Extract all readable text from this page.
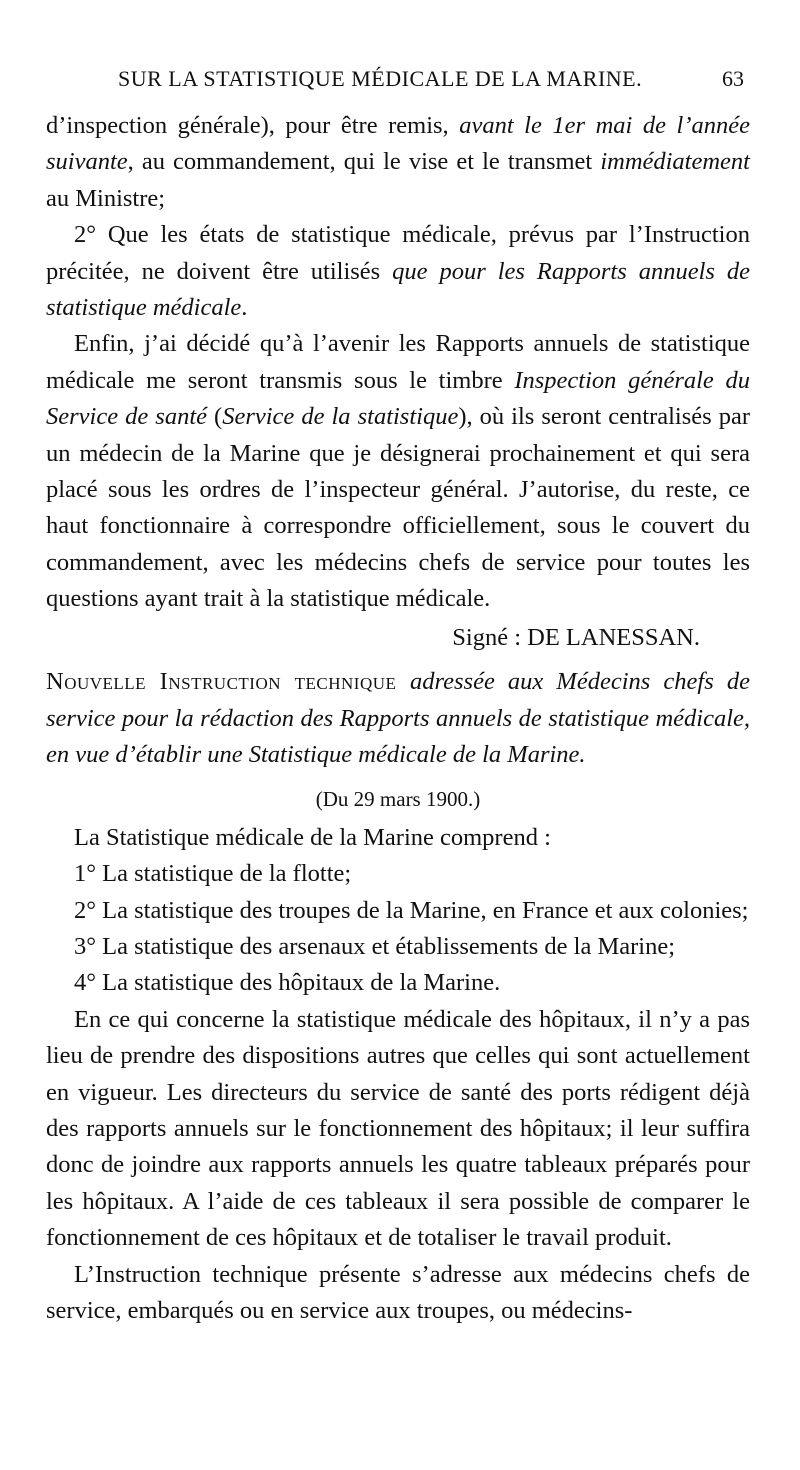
SUR LA STATISTIQUE MÉDICALE DE LA MARINE.	63

d’inspection générale), pour être remis, avant le 1er mai de l’année suivante, au commandement, qui le vise et le transmet immédiatement au Ministre;

2° Que les états de statistique médicale, prévus par l’Instruction précitée, ne doivent être utilisés que pour les Rapports annuels de statistique médicale.

Enfin, j’ai décidé qu’à l’avenir les Rapports annuels de statistique médicale me seront transmis sous le timbre Inspection générale du Service de santé (Service de la statistique), où ils seront centralisés par un médecin de la Marine que je désignerai prochainement et qui sera placé sous les ordres de l’inspecteur général. J’autorise, du reste, ce haut fonctionnaire à correspondre officiellement, sous le couvert du commandement, avec les médecins chefs de service pour toutes les questions ayant trait à la statistique médicale.

Signé : DE LANESSAN.

Nouvelle Instruction technique adressée aux Médecins chefs de service pour la rédaction des Rapports annuels de statistique médicale, en vue d’établir une Statistique médicale de la Marine.

(Du 29 mars 1900.)

La Statistique médicale de la Marine comprend :

1° La statistique de la flotte;

2° La statistique des troupes de la Marine, en France et aux colonies;

3° La statistique des arsenaux et établissements de la Marine;

4° La statistique des hôpitaux de la Marine.

En ce qui concerne la statistique médicale des hôpitaux, il n’y a pas lieu de prendre des dispositions autres que celles qui sont actuellement en vigueur. Les directeurs du service de santé des ports rédigent déjà des rapports annuels sur le fonctionnement des hôpitaux; il leur suffira donc de joindre aux rapports annuels les quatre tableaux préparés pour les hôpitaux. A l’aide de ces tableaux il sera possible de comparer le fonctionnement de ces hôpitaux et de totaliser le travail produit.

L’Instruction technique présente s’adresse aux médecins chefs de service, embarqués ou en service aux troupes, ou médecins-
